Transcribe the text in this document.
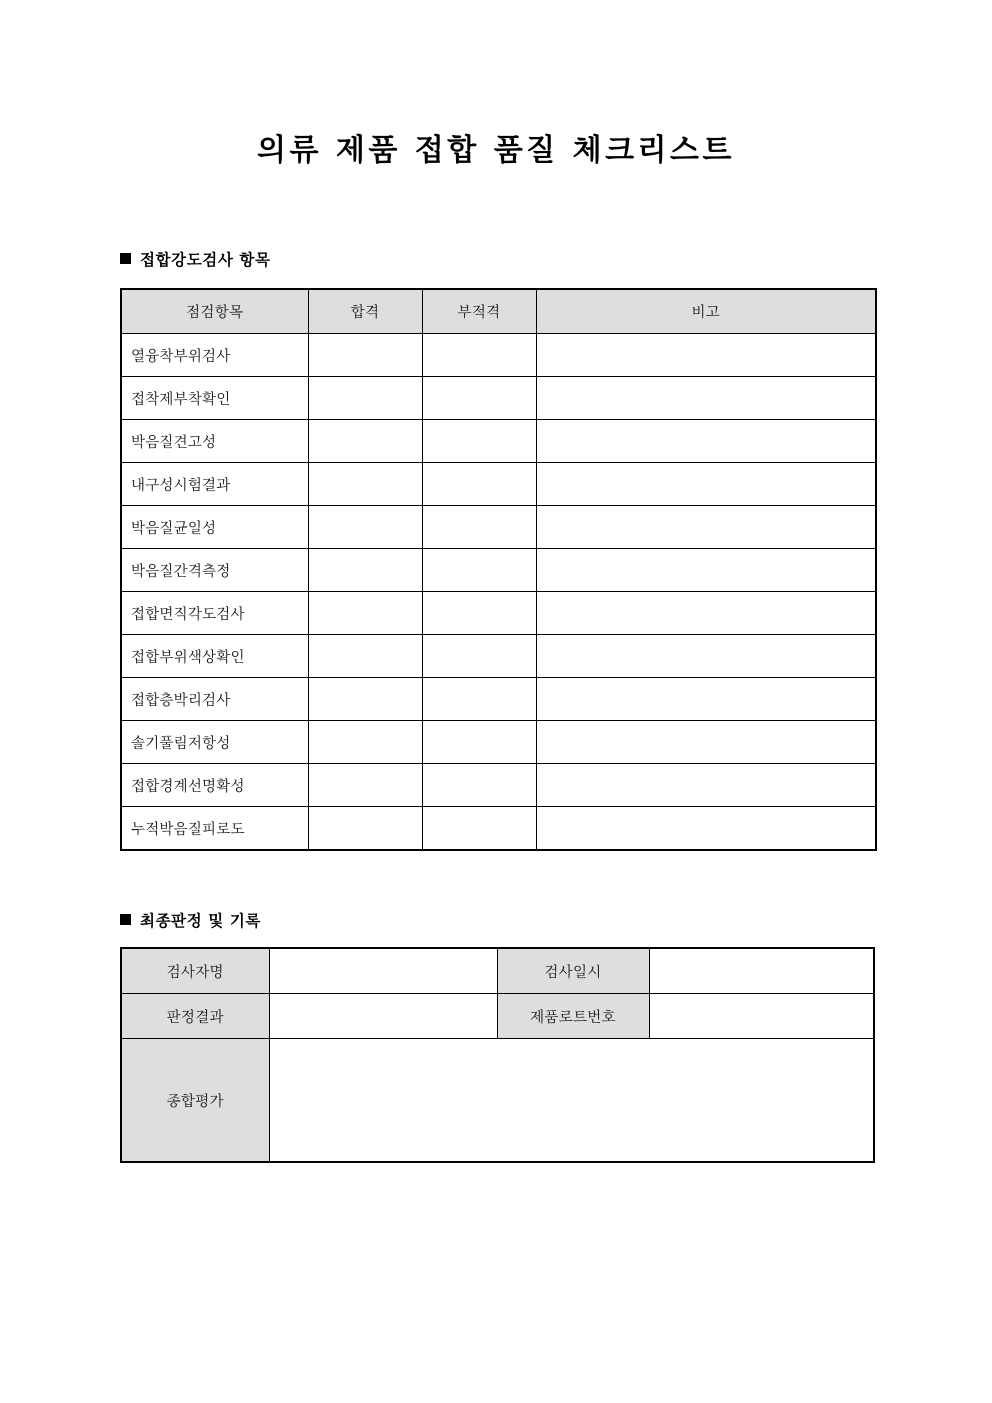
의류 제품 접합 품질 체크리스트
접합강도검사 항목
점검항목	합격	부적격	비고
열융착부위검사			
접착제부착확인			
박음질견고성			
내구성시험결과			
박음질균일성			
박음질간격측정			
접합면직각도검사			
접합부위색상확인			
접합층박리검사			
솔기풀림저항성			
접합경계선명확성			
누적박음질피로도			
최종판정 및 기록
검사자명		검사일시	
판정결과		제품로트번호	
종합평가			
